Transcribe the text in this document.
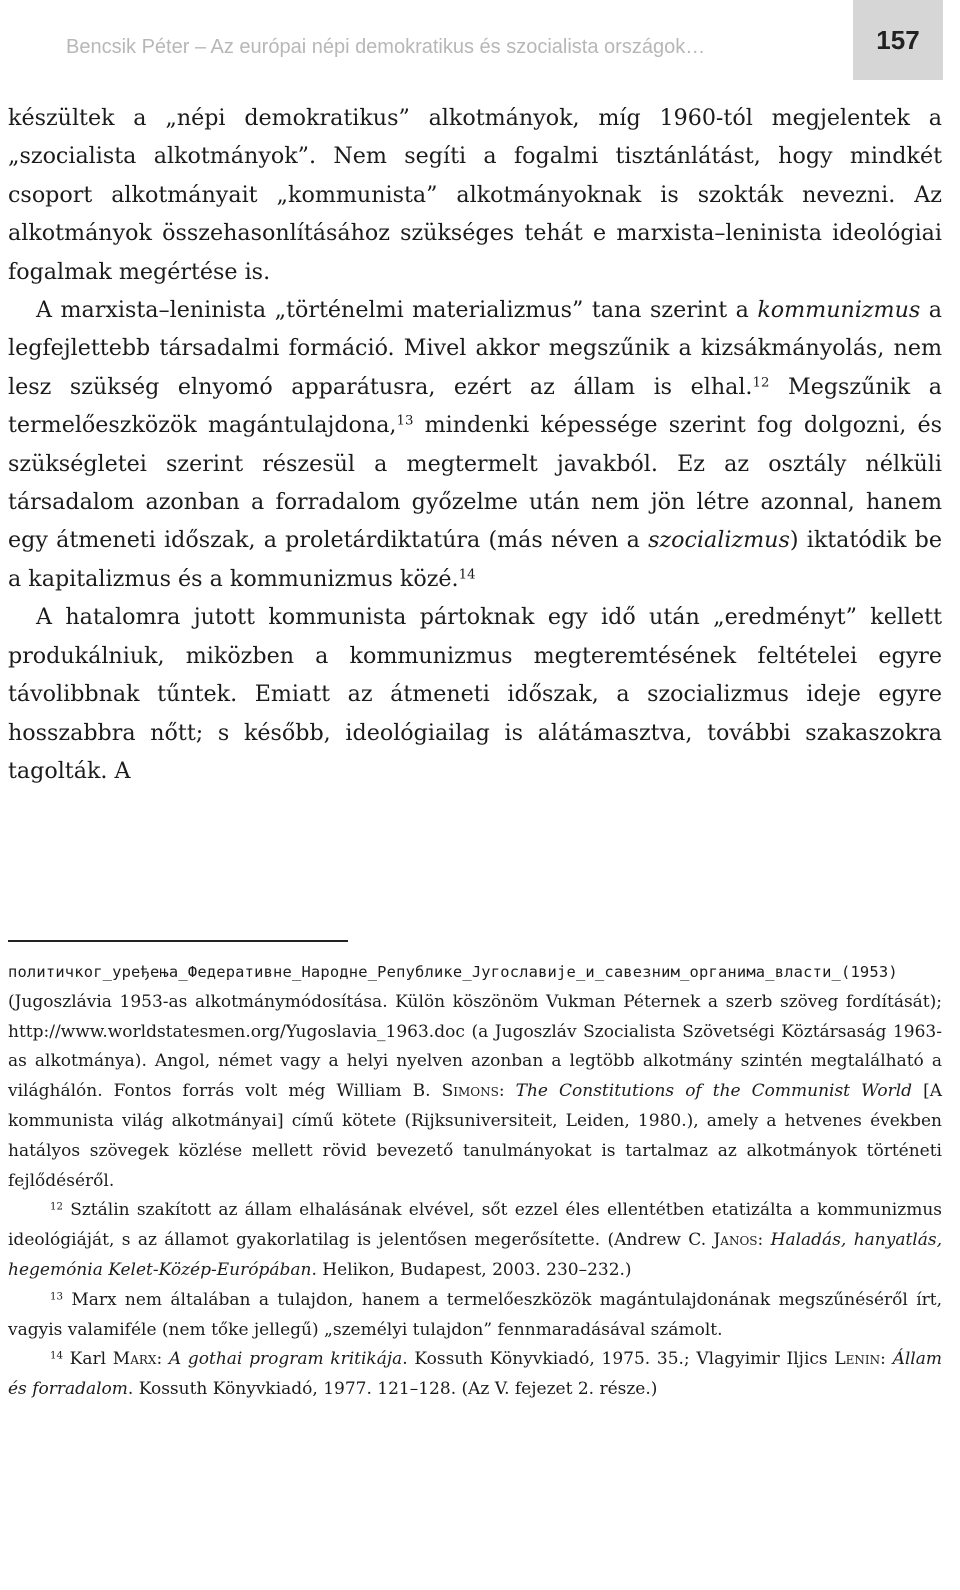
Bencsik Péter – Az európai népi demokratikus és szocialista országok…	157

készültek a „népi demokratikus” alkotmányok, míg 1960-tól megjelentek a „szocialista alkotmányok”. Nem segíti a fogalmi tisztánlátást, hogy mindkét csoport alkotmányait „kommunista” alkotmányoknak is szokták nevezni. Az alkotmányok összehasonlításához szükséges tehát e marxista–leninista ideológiai fogalmak megértése is.

A marxista–leninista „történelmi materializmus” tana szerint a kommunizmus a legfejlettebb társadalmi formáció. Mivel akkor megszűnik a kizsákmányolás, nem lesz szükség elnyomó apparátusra, ezért az állam is elhal.$^{12}$ Megszűnik a termelőeszközök magántulajdona,$^{13}$ mindenki képessége szerint fog dolgozni, és szükségletei szerint részesül a megtermelt javakból. Ez az osztály nélküli társadalom azonban a forradalom győzelme után nem jön létre azonnal, hanem egy átmeneti időszak, a proletárdiktatúra (más néven a szocializmus) iktatódik be a kapitalizmus és a kommunizmus közé.$^{14}$

A hatalomra jutott kommunista pártoknak egy idő után „eredményt” kellett produkálniuk, miközben a kommunizmus megteremtésének feltételei egyre távolibbnak tűntek. Emiatt az átmeneti időszak, a szocializmus ideje egyre hosszabbra nőtt; s később, ideológiailag is alátámasztva, további szakaszokra tagolták. A

политичког_уређења_Федеративне_Народне_Републике_Југославије_и_савезним_органима_власти_(1953) (Jugoszlávia 1953-as alkotmánymódosítása. Külön köszönöm Vukman Péternek a szerb szöveg fordítását); http://www.worldstatesmen.org/Yugoslavia_1963.doc (a Jugoszláv Szocialista Szövetségi Köztársaság 1963-as alkotmánya). Angol, német vagy a helyi nyelven azonban a legtöbb alkotmány szintén megtalálható a világhálón. Fontos forrás volt még William B. Simons: The Constitutions of the Communist World [A kommunista világ alkotmányai] című kötete (Rijksuniversiteit, Leiden, 1980.), amely a hetvenes években hatályos szövegek közlése mellett rövid bevezető tanulmányokat is tartalmaz az alkotmányok történeti fejlődéséről.

$^{12}$ Sztálin szakított az állam elhalásának elvével, sőt ezzel éles ellentétben etatizálta a kommunizmus ideológiáját, s az államot gyakorlatilag is jelentősen megerősítette. (Andrew C. Janos: Haladás, hanyatlás, hegemónia Kelet-Közép-Európában. Helikon, Budapest, 2003. 230–232.)

$^{13}$ Marx nem általában a tulajdon, hanem a termelőeszközök magántulajdonának megszűnéséről írt, vagyis valamiféle (nem tőke jellegű) „személyi tulajdon” fennmaradásával számolt.

$^{14}$ Karl Marx: A gothai program kritikája. Kossuth Könyvkiadó, 1975. 35.; Vlagyimir Iljics Lenin: Állam és forradalom. Kossuth Könyvkiadó, 1977. 121–128. (Az V. fejezet 2. része.)
